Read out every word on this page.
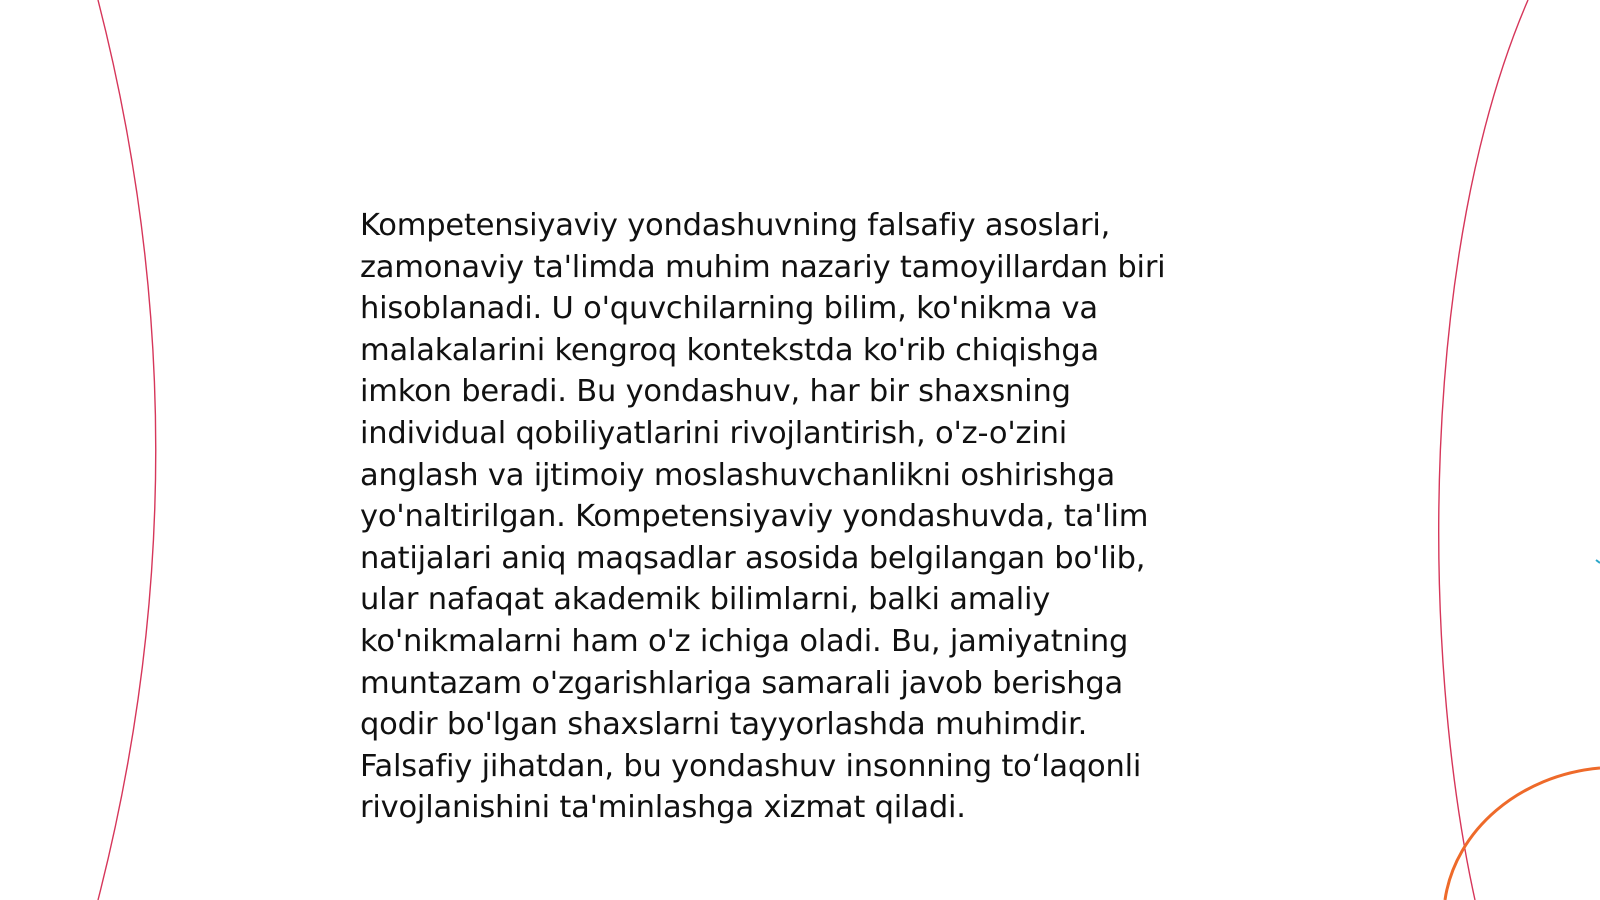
Kompetensiyaviy yondashuvning falsafiy asoslari,
zamonaviy ta'limda muhim nazariy tamoyillardan biri
hisoblanadi. U o'quvchilarning bilim, ko'nikma va
malakalarini kengroq kontekstda ko'rib chiqishga
imkon beradi. Bu yondashuv, har bir shaxsning
individual qobiliyatlarini rivojlantirish, o'z-o'zini
anglash va ijtimoiy moslashuvchanlikni oshirishga
yo'naltirilgan. Kompetensiyaviy yondashuvda, ta'lim
natijalari aniq maqsadlar asosida belgilangan bo'lib,
ular nafaqat akademik bilimlarni, balki amaliy
ko'nikmalarni ham o'z ichiga oladi. Bu, jamiyatning
muntazam o'zgarishlariga samarali javob berishga
qodir bo'lgan shaxslarni tayyorlashda muhimdir.
Falsafiy jihatdan, bu yondashuv insonning to‘laqonli
rivojlanishini ta'minlashga xizmat qiladi.
